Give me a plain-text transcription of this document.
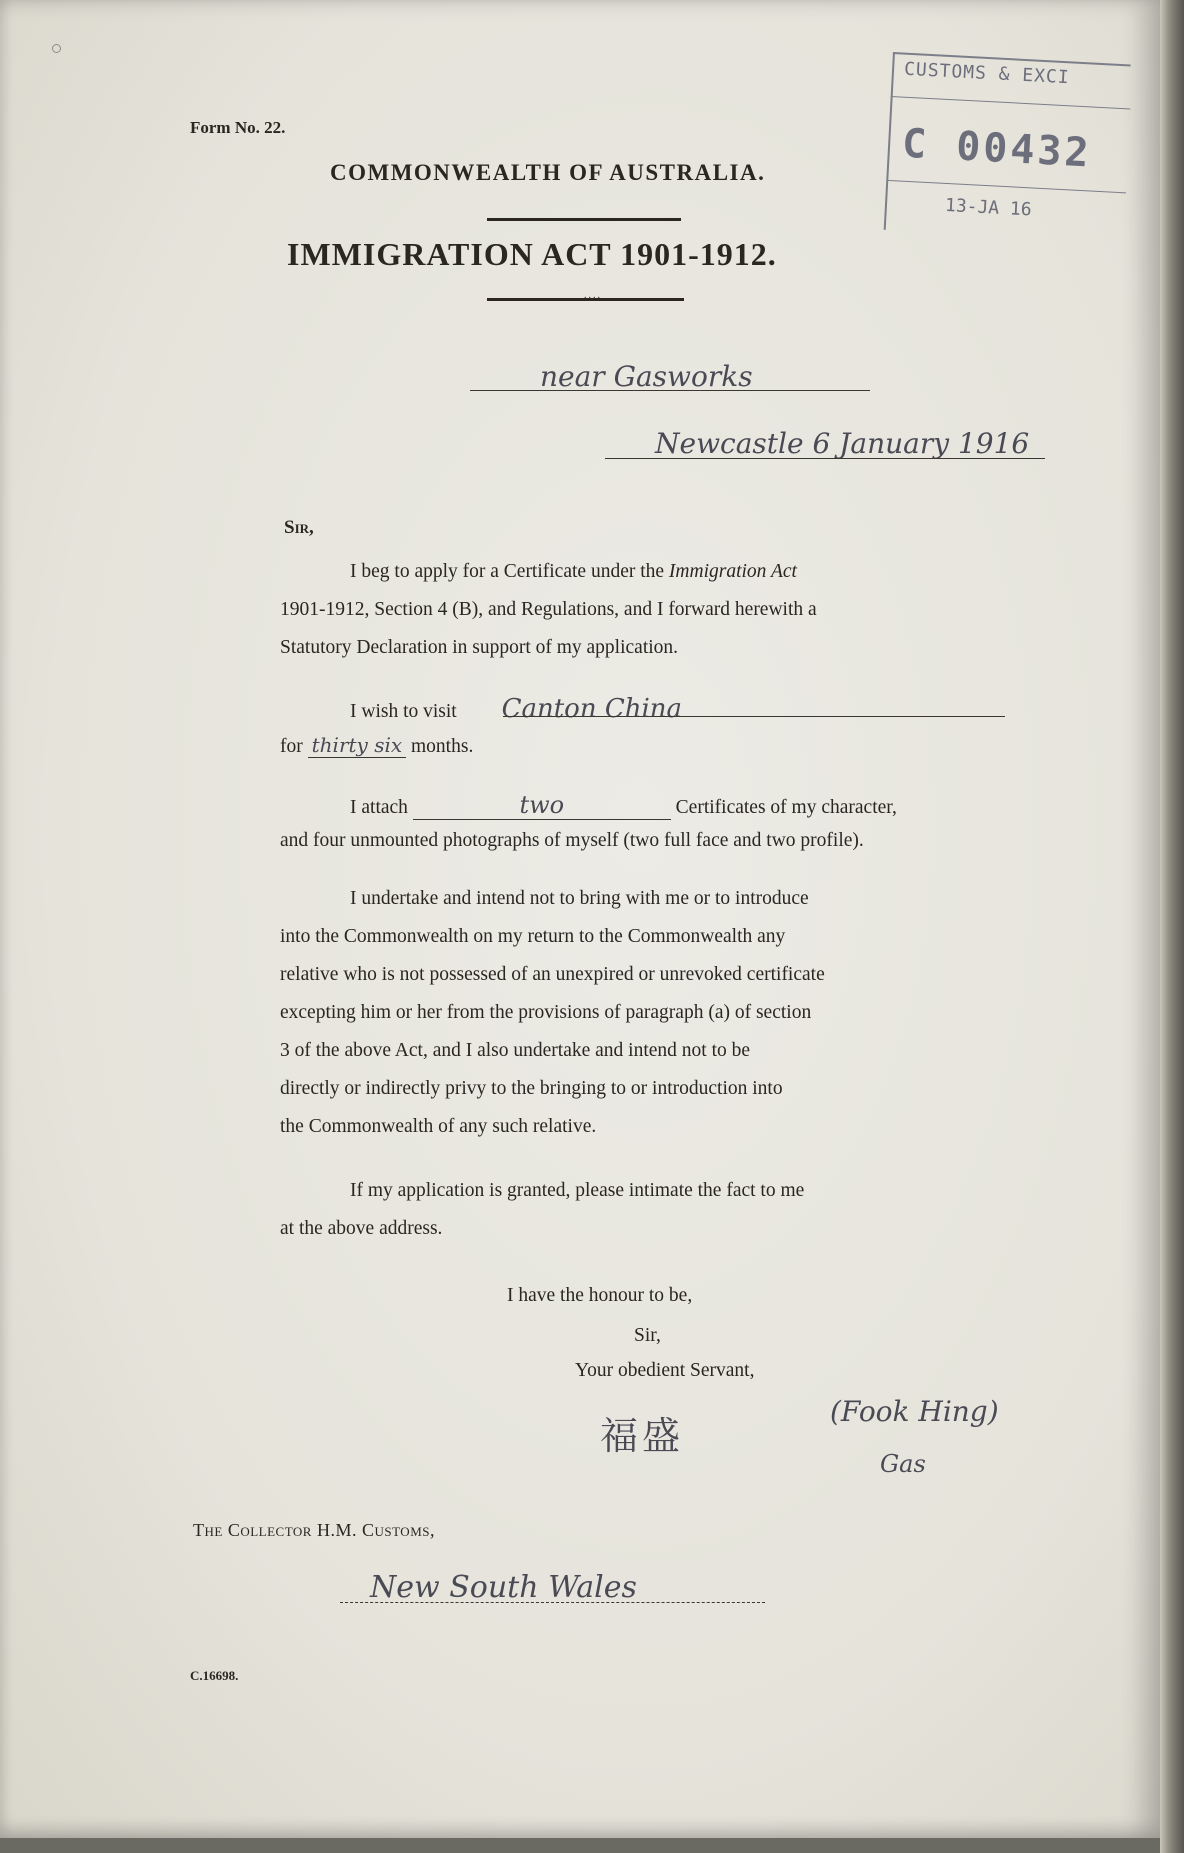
CUSTOMS & EXCI
C 00432
13-JA 16

Form No. 22.

COMMONWEALTH OF AUSTRALIA.

IMMIGRATION ACT 1901-1912.

....

near Gasworks

Newcastle 6 January 1916

Sir,

I beg to apply for a Certificate under the Immigration Act
1901-1912, Section 4 (B), and Regulations, and I forward herewith a
Statutory Declaration in support of my application.

I wish to visit Canton China

for thirty six months.

I attach	two	Certificates of my character,

and four unmounted photographs of myself (two full face and two profile).

I undertake and intend not to bring with me or to introduce
into the Commonwealth on my return to the Commonwealth any
relative who is not possessed of an unexpired or unrevoked certificate
excepting him or her from the provisions of paragraph (a) of section
3 of the above Act, and I also undertake and intend not to be
directly or indirectly privy to the bringing to or introduction into
the Commonwealth of any such relative.
If my application is granted, please intimate the fact to me
at the above address.

I have the honour to be,

Sir,

Your obedient Servant,

福盛

(Fook Hing)

Gas

The Collector H.M. Customs,

New South Wales

C.16698.
